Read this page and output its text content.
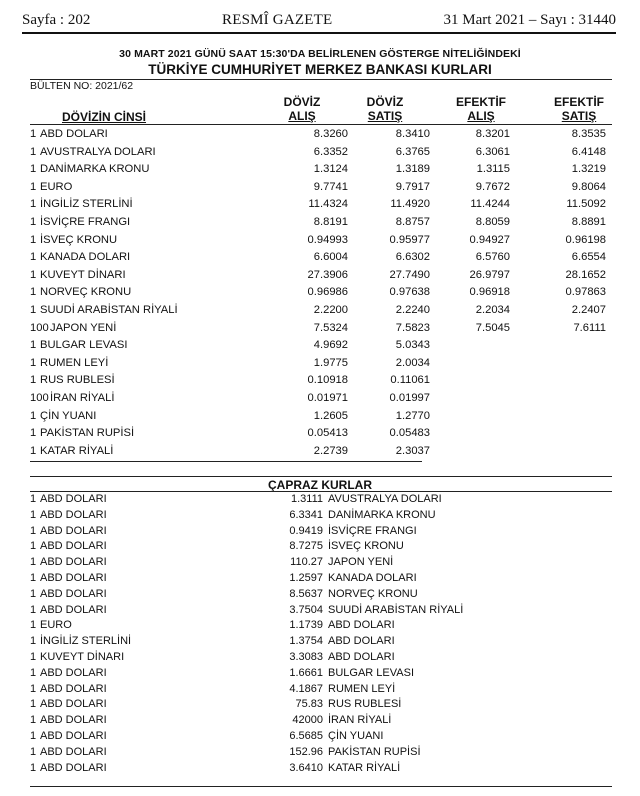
Sayfa : 202	RESMÎ GAZETE	31 Mart 2021 – Sayı : 31440
30 MART 2021 GÜNÜ SAAT 15:30'DA BELİRLENEN GÖSTERGE NİTELİĞİNDEKİ
TÜRKİYE CUMHURİYET MERKEZ BANKASI KURLARI
BÜLTEN NO: 2021/62
DÖVİZİN CİNSİ
DÖVİZ
ALIŞ
DÖVİZ
SATIŞ
EFEKTİF
ALIŞ
EFEKTİF
SATIŞ
1 ABD DOLARI	8.3260	8.3410	8.3201	8.3535
1 AVUSTRALYA DOLARI	6.3352	6.3765	6.3061	6.4148
1 DANİMARKA KRONU	1.3124	1.3189	1.3115	1.3219
1 EURO	9.7741	9.7917	9.7672	9.8064
1 İNGİLİZ STERLİNİ	11.4324	11.4920	11.4244	11.5092
1 İSVİÇRE FRANGI	8.8191	8.8757	8.8059	8.8891
1 İSVEÇ KRONU	0.94993	0.95977	0.94927	0.96198
1 KANADA DOLARI	6.6004	6.6302	6.5760	6.6554
1 KUVEYT DİNARI	27.3906	27.7490	26.9797	28.1652
1 NORVEÇ KRONU	0.96986	0.97638	0.96918	0.97863
1 SUUDİ ARABİSTAN RİYALİ	2.2200	2.2240	2.2034	2.2407
100 JAPON YENİ	7.5324	7.5823	7.5045	7.6111
1 BULGAR LEVASI	4.9692	5.0343
1 RUMEN LEYİ	1.9775	2.0034
1 RUS RUBLESİ	0.10918	0.11061
100 İRAN RİYALİ	0.01971	0.01997
1 ÇİN YUANI	1.2605	1.2770
1 PAKİSTAN RUPİSİ	0.05413	0.05483
1 KATAR RİYALİ	2.2739	2.3037
ÇAPRAZ KURLAR
1 ABD DOLARI	1.3111 AVUSTRALYA DOLARI
1 ABD DOLARI	6.3341 DANİMARKA KRONU
1 ABD DOLARI	0.9419 İSVİÇRE FRANGI
1 ABD DOLARI	8.7275 İSVEÇ KRONU
1 ABD DOLARI	110.27 JAPON YENİ
1 ABD DOLARI	1.2597 KANADA DOLARI
1 ABD DOLARI	8.5637 NORVEÇ KRONU
1 ABD DOLARI	3.7504 SUUDİ ARABİSTAN RİYALİ
1 EURO	1.1739 ABD DOLARI
1 İNGİLİZ STERLİNİ	1.3754 ABD DOLARI
1 KUVEYT DİNARI	3.3083 ABD DOLARI
1 ABD DOLARI	1.6661 BULGAR LEVASI
1 ABD DOLARI	4.1867 RUMEN LEYİ
1 ABD DOLARI	75.83 RUS RUBLESİ
1 ABD DOLARI	42000 İRAN RİYALİ
1 ABD DOLARI	6.5685 ÇİN YUANI
1 ABD DOLARI	152.96 PAKİSTAN RUPİSİ
1 ABD DOLARI	3.6410 KATAR RİYALİ
